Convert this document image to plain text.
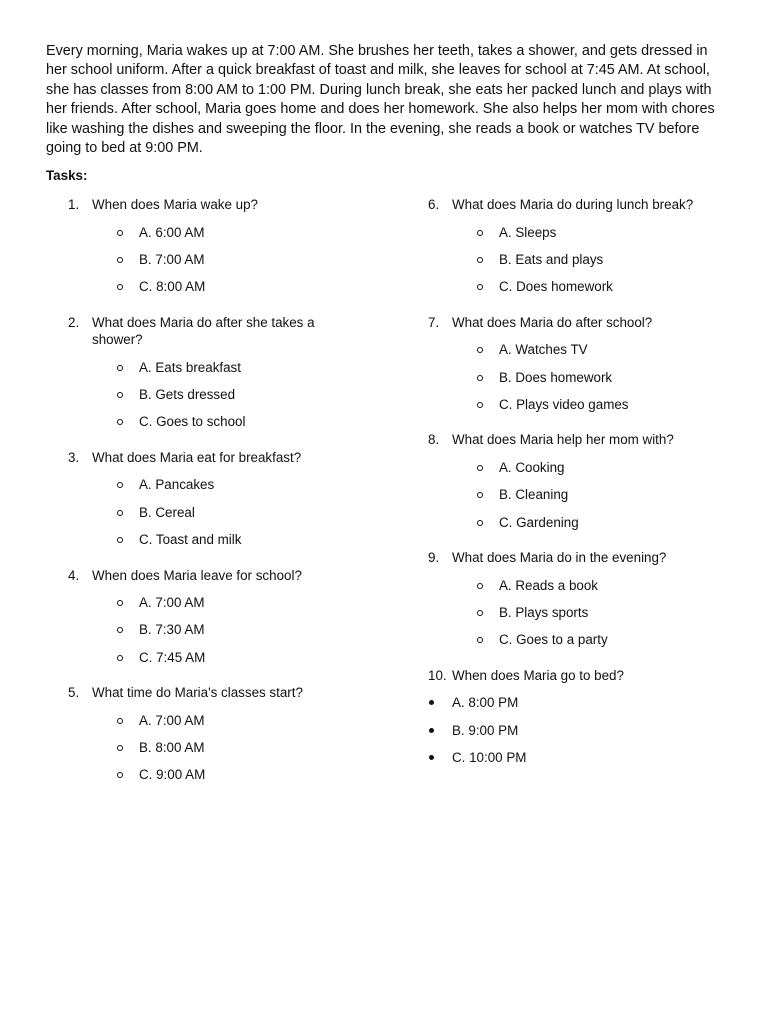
Every morning, Maria wakes up at 7:00 AM. She brushes her teeth, takes a shower, and gets dressed in her school uniform. After a quick breakfast of toast and milk, she leaves for school at 7:45 AM. At school, she has classes from 8:00 AM to 1:00 PM. During lunch break, she eats her packed lunch and plays with her friends. After school, Maria goes home and does her homework. She also helps her mom with chores like washing the dishes and sweeping the floor. In the evening, she reads a book or watches TV before going to bed at 9:00 PM.

Tasks:
1. When does Maria wake up?
A. 6:00 AM
B. 7:00 AM
C. 8:00 AM
2. What does Maria do after she takes a shower?
A. Eats breakfast
B. Gets dressed
C. Goes to school
3. What does Maria eat for breakfast?
A. Pancakes
B. Cereal
C. Toast and milk
4. When does Maria leave for school?
A. 7:00 AM
B. 7:30 AM
C. 7:45 AM
5. What time do Maria's classes start?
A. 7:00 AM
B. 8:00 AM
C. 9:00 AM
6. What does Maria do during lunch break?
A. Sleeps
B. Eats and plays
C. Does homework
7. What does Maria do after school?
A. Watches TV
B. Does homework
C. Plays video games
8. What does Maria help her mom with?
A. Cooking
B. Cleaning
C. Gardening
9. What does Maria do in the evening?
A. Reads a book
B. Plays sports
C. Goes to a party
10. When does Maria go to bed?
A. 8:00 PM
B. 9:00 PM
C. 10:00 PM
